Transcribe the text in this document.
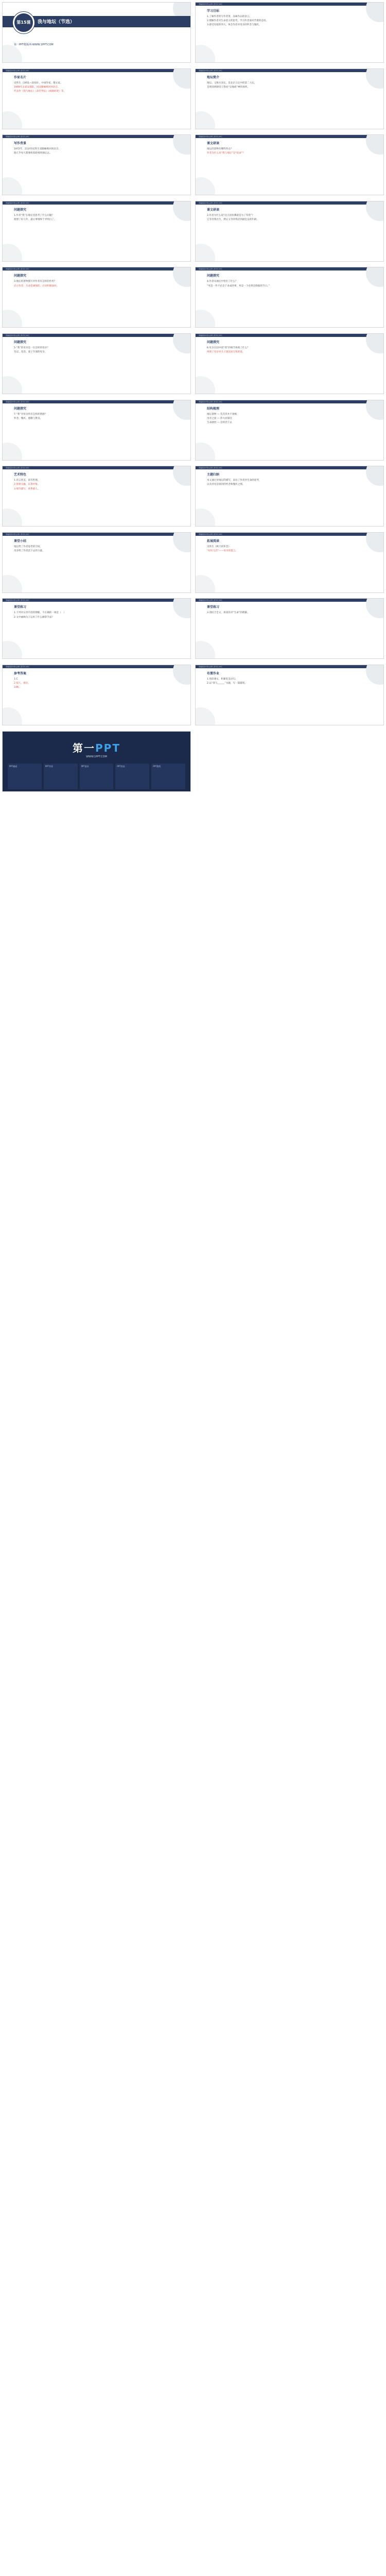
第15课	我与地坛（节选）
第一PPT模板网-WWW.1PPT.COM
部编版高中语文必修上册 第七单元
学习目标

1.了解作者的写作背景，品味作品的语言。

2.理解作者对生命意义的思考，学习作者面对苦难的态度。

3.感受母爱的伟大，体会作者对母亲的怀念与愧疚。

部编版高中语文必修上册 第七单元
作家名片

史铁生（1951—2010），中国作家、散文家。

1969年去延安插队，因双腿瘫痪回到北京。

代表作《我与地坛》《命若琴弦》《病隙碎笔》等。

部编版高中语文必修上册 第七单元
地坛简介

地坛，又称方泽坛，是北京五坛中的第二大坛，

是明清两朝帝王祭祀“皇地祇”神的场所。

部编版高中语文必修上册 第七单元
写作背景

1972年，21岁的史铁生双腿瘫痪回到北京。

他几乎每天都要摇着轮椅到地坛去。

部编版高中语文必修上册 第七单元
课文研读

地坛的景物有哪些特点？

作者为什么说“我与地坛”是“宿命”？

部编版高中语文必修上册 第七单元
问题探究

1.作者“我”在地坛里思考了什么问题？

他想了好几年，最后事情终于弄明白了。

部编版高中语文必修上册 第七单元
课文研读

2.作者为什么说“这古园仿佛就是为了等我”？

它等待我出生，然后又等待我活到最狂妄的年龄。

部编版高中语文必修上册 第七单元
问题探究

3.地坛的景物描写对作者有怎样的作用？

启示作者：生命是顽强的，应该积极面对。

部编版高中语文必修上册 第七单元
问题探究

4.作者从地坛中悟出了什么？

“死是一件不必急于求成的事，死是一个必然会降临的节日。”

部编版高中语文必修上册 第七单元
问题探究

5.“我”的母亲是一位怎样的母亲？

坚忍、宽容、爱子至深的母亲。

部编版高中语文必修上册 第七单元
问题探究

6.母亲在园中找“我”的细节体现了什么？

体现了母亲对儿子深沉而无私的爱。

部编版高中语文必修上册 第七单元
问题探究

7.“我”对母亲怀有怎样的情感？

怀念、愧疚、感激与赞美。

部编版高中语文必修上册 第七单元
结构梳理

地坛景物 — 荒芜但并不衰败

母亲之爱 — 伟大而深沉

生命感悟 — 怎样活下去

部编版高中语文必修上册 第七单元
艺术特色

1.语言优美，富有哲理。

2.情景交融，以景衬情。

3.细节描写，真挚感人。

部编版高中语文必修上册 第七单元
主题归纳

本文通过对地坛的描写，表达了作者对生命的思考，

以及对母亲深切的怀念和愧疚之情。

部编版高中语文必修上册 第七单元
课堂小结

地坛给了作者思考的空间，

母亲给了作者活下去的力量。

部编版高中语文必修上册 第七单元
拓展阅读

史铁生《秋天的怀念》

“好好儿活”——母亲的遗言。

部编版高中语文必修上册 第七单元
课堂练习

1.下列对文章内容的理解，不正确的一项是（　）

2.文中画线句子运用了什么修辞手法？

部编版高中语文必修上册 第七单元
课堂练习

3.请结合全文，谈谈你对“生命”的理解。

部编版高中语文必修上册 第七单元
参考答案

1.C

2.拟人、排比。

3.略。

部编版高中语文必修上册 第七单元
布置作业

1.熟读课文，积累优美语句。

2.以“我与______”为题，写一篇随笔。

第一PPT
WWW.1PPT.COM
PPT模板	PPT背景	PPT素材	PPT图表	PPT教程
